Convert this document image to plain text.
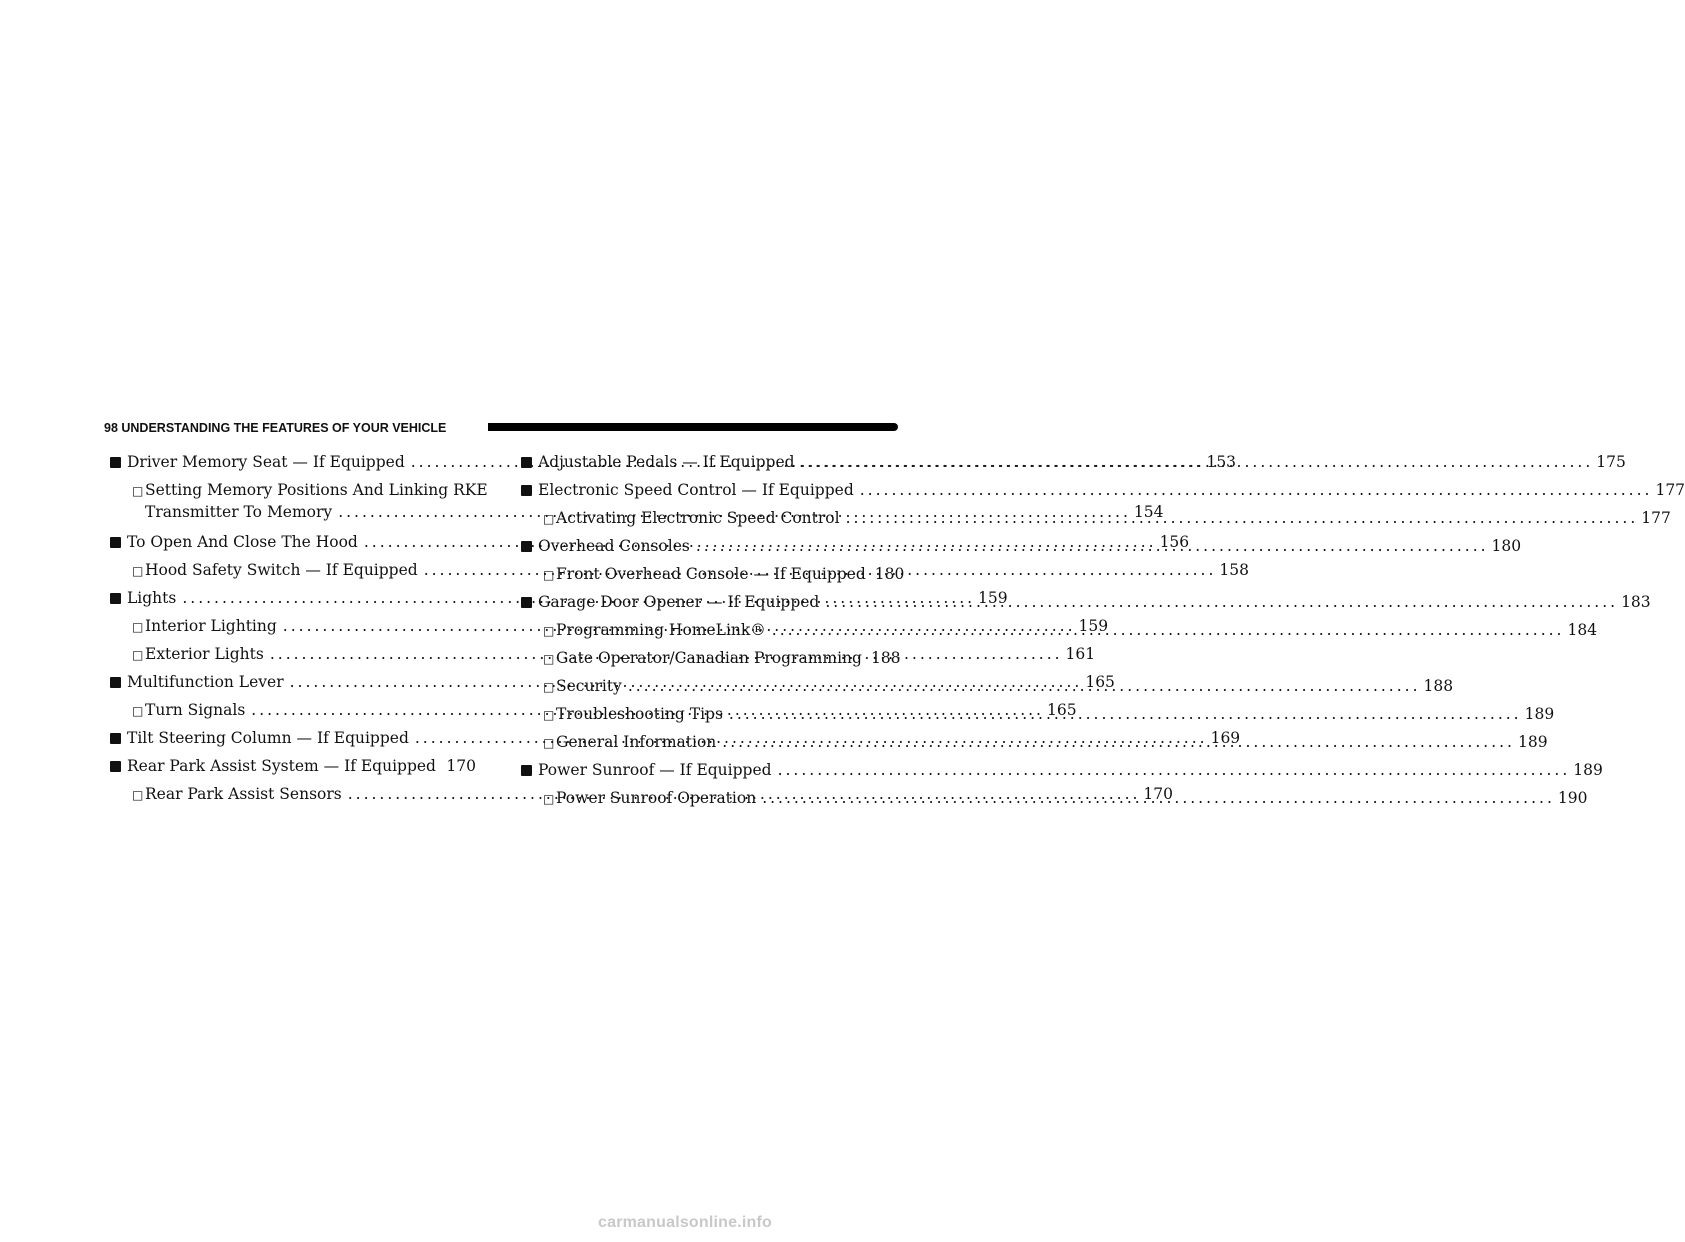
98 UNDERSTANDING THE FEATURES OF YOUR VEHICLE
Driver Memory Seat — If Equipped .....	153
□ Setting Memory Positions And Linking RKE
Transmitter To Memory .....	154
To Open And Close The Hood .....	156
□ Hood Safety Switch — If Equipped .....	158
Lights .....	159
□ Interior Lighting .....	159
□ Exterior Lights .....	161
Multifunction Lever .....	165
□ Turn Signals .....	165
Tilt Steering Column — If Equipped .....	169
Rear Park Assist System — If Equipped ..... 170
□ Rear Park Assist Sensors .....	170
Adjustable Pedals — If Equipped .....	175
Electronic Speed Control — If Equipped .....	177
□ Activating Electronic Speed Control .....	177
Overhead Consoles .....	180
□ Front Overhead Console — If Equipped 180
Garage Door Opener — If Equipped .....	183
□ Programming HomeLink® .....	184
□ Gate Operator/Canadian Programming 188
□ Security .....	188
□ Troubleshooting Tips .....	189
□ General Information .....	189
Power Sunroof — If Equipped .....	189
□ Power Sunroof Operation .....	190
carmanualsonline.info
